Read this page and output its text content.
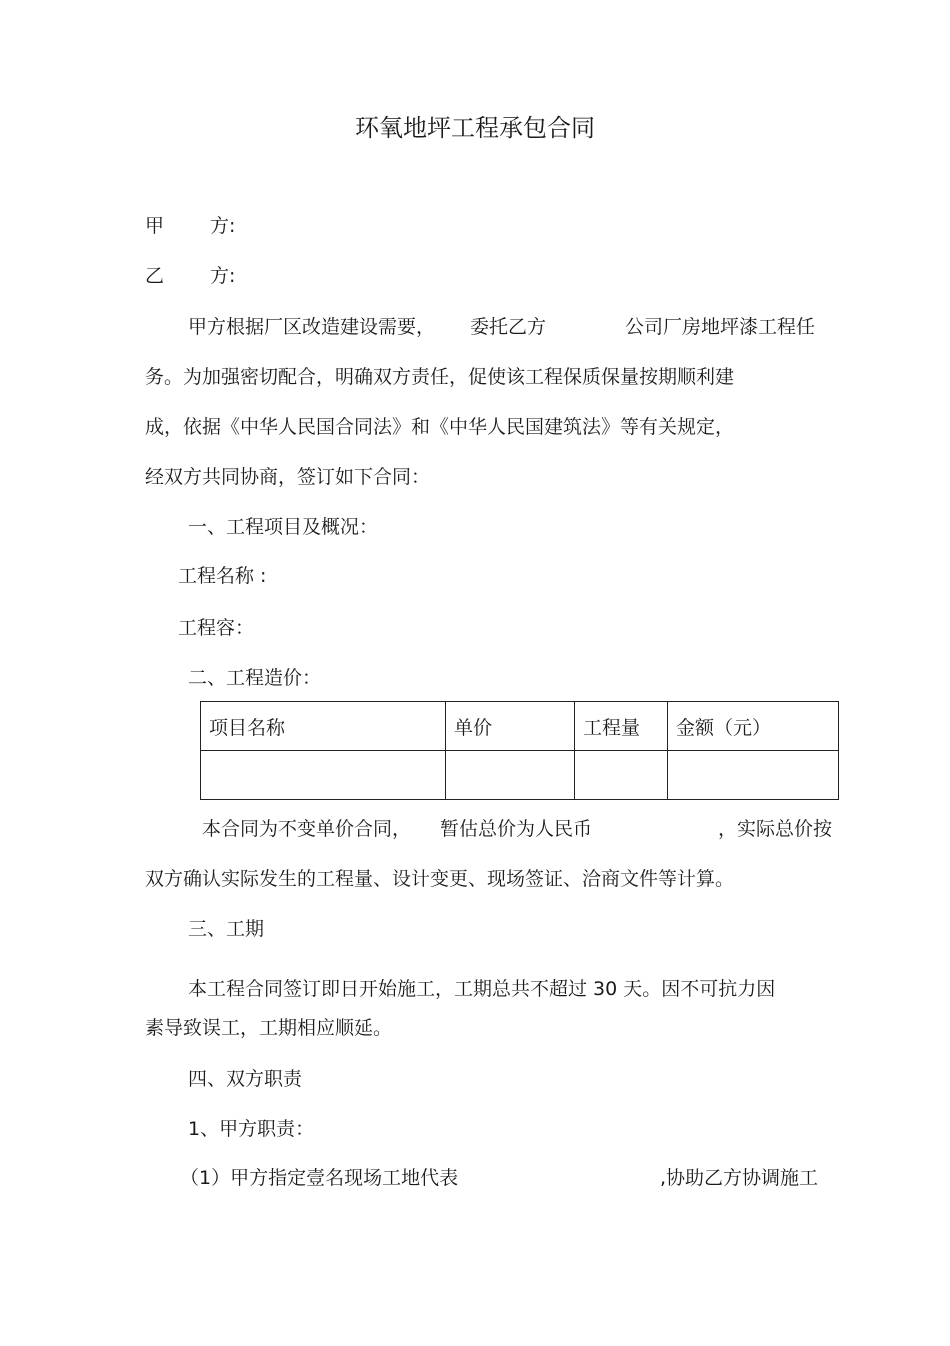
环氧地坪工程承包合同
甲 方:
乙 方:
甲方根据厂区改造建设需要， 委托乙方	公司厂房地坪漆工程任
务。为加强密切配合，明确双方责任，促使该工程保质保量按期顺利建
成，依据《中华人民国合同法》和《中华人民国建筑法》等有关规定，
经双方共同协商，签订如下合同：
一、工程项目及概况：
工程名称 :
工程容：
二、工程造价：
项目名称	单价	工程量	金额（元）

本合同为不变单价合同， 暂估总价为人民币	，实际总价按
双方确认实际发生的工程量、设计变更、现场签证、洽商文件等计算。
三、工期
本工程合同签订即日开始施工，工期总共不超过 30 天。因不可抗力因
素导致误工，工期相应顺延。
四、双方职责
1、甲方职责：
（1）甲方指定壹名现场工地代表	,协助乙方协调施工
